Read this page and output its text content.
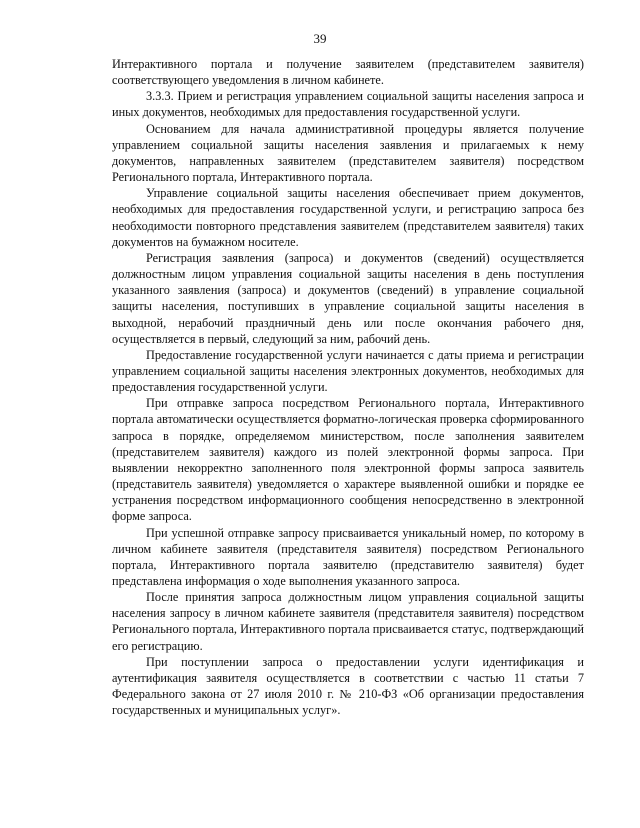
39

Интерактивного портала и получение заявителем (представителем заявителя) соответствующего уведомления в личном кабинете.

3.3.3. Прием и регистрация управлением социальной защиты населения запроса и иных документов, необходимых для предоставления государственной услуги.

Основанием для начала административной процедуры является получение управлением социальной защиты населения заявления и прилагаемых к нему документов, направленных заявителем (представителем заявителя) посредством Регионального портала, Интерактивного портала.

Управление социальной защиты населения обеспечивает прием документов, необходимых для предоставления государственной услуги, и регистрацию запроса без необходимости повторного представления заявителем (представителем заявителя) таких документов на бумажном носителе.

Регистрация заявления (запроса) и документов (сведений) осуществляется должностным лицом управления социальной защиты населения в день поступления указанного заявления (запроса) и документов (сведений) в управление социальной защиты населения, поступивших в управление социальной защиты населения в выходной, нерабочий праздничный день или после окончания рабочего дня, осуществляется в первый, следующий за ним, рабочий день.

Предоставление государственной услуги начинается с даты приема и регистрации управлением социальной защиты населения электронных документов, необходимых для предоставления государственной услуги.

При отправке запроса посредством Регионального портала, Интерактивного портала автоматически осуществляется форматно-логическая проверка сформированного запроса в порядке, определяемом министерством, после заполнения заявителем (представителем заявителя) каждого из полей электронной формы запроса. При выявлении некорректно заполненного поля электронной формы запроса заявитель (представитель заявителя) уведомляется о характере выявленной ошибки и порядке ее устранения посредством информационного сообщения непосредственно в электронной форме запроса.

При успешной отправке запросу присваивается уникальный номер, по которому в личном кабинете заявителя (представителя заявителя) посредством Регионального портала, Интерактивного портала заявителю (представителю заявителя) будет представлена информация о ходе выполнения указанного запроса.

После принятия запроса должностным лицом управления социальной защиты населения запросу в личном кабинете заявителя (представителя заявителя) посредством Регионального портала, Интерактивного портала присваивается статус, подтверждающий его регистрацию.

При поступлении запроса о предоставлении услуги идентификация и аутентификация заявителя осуществляется в соответствии с частью 11 статьи 7 Федерального закона от 27 июля 2010 г. № 210-ФЗ «Об организации предоставления государственных и муниципальных услуг».
